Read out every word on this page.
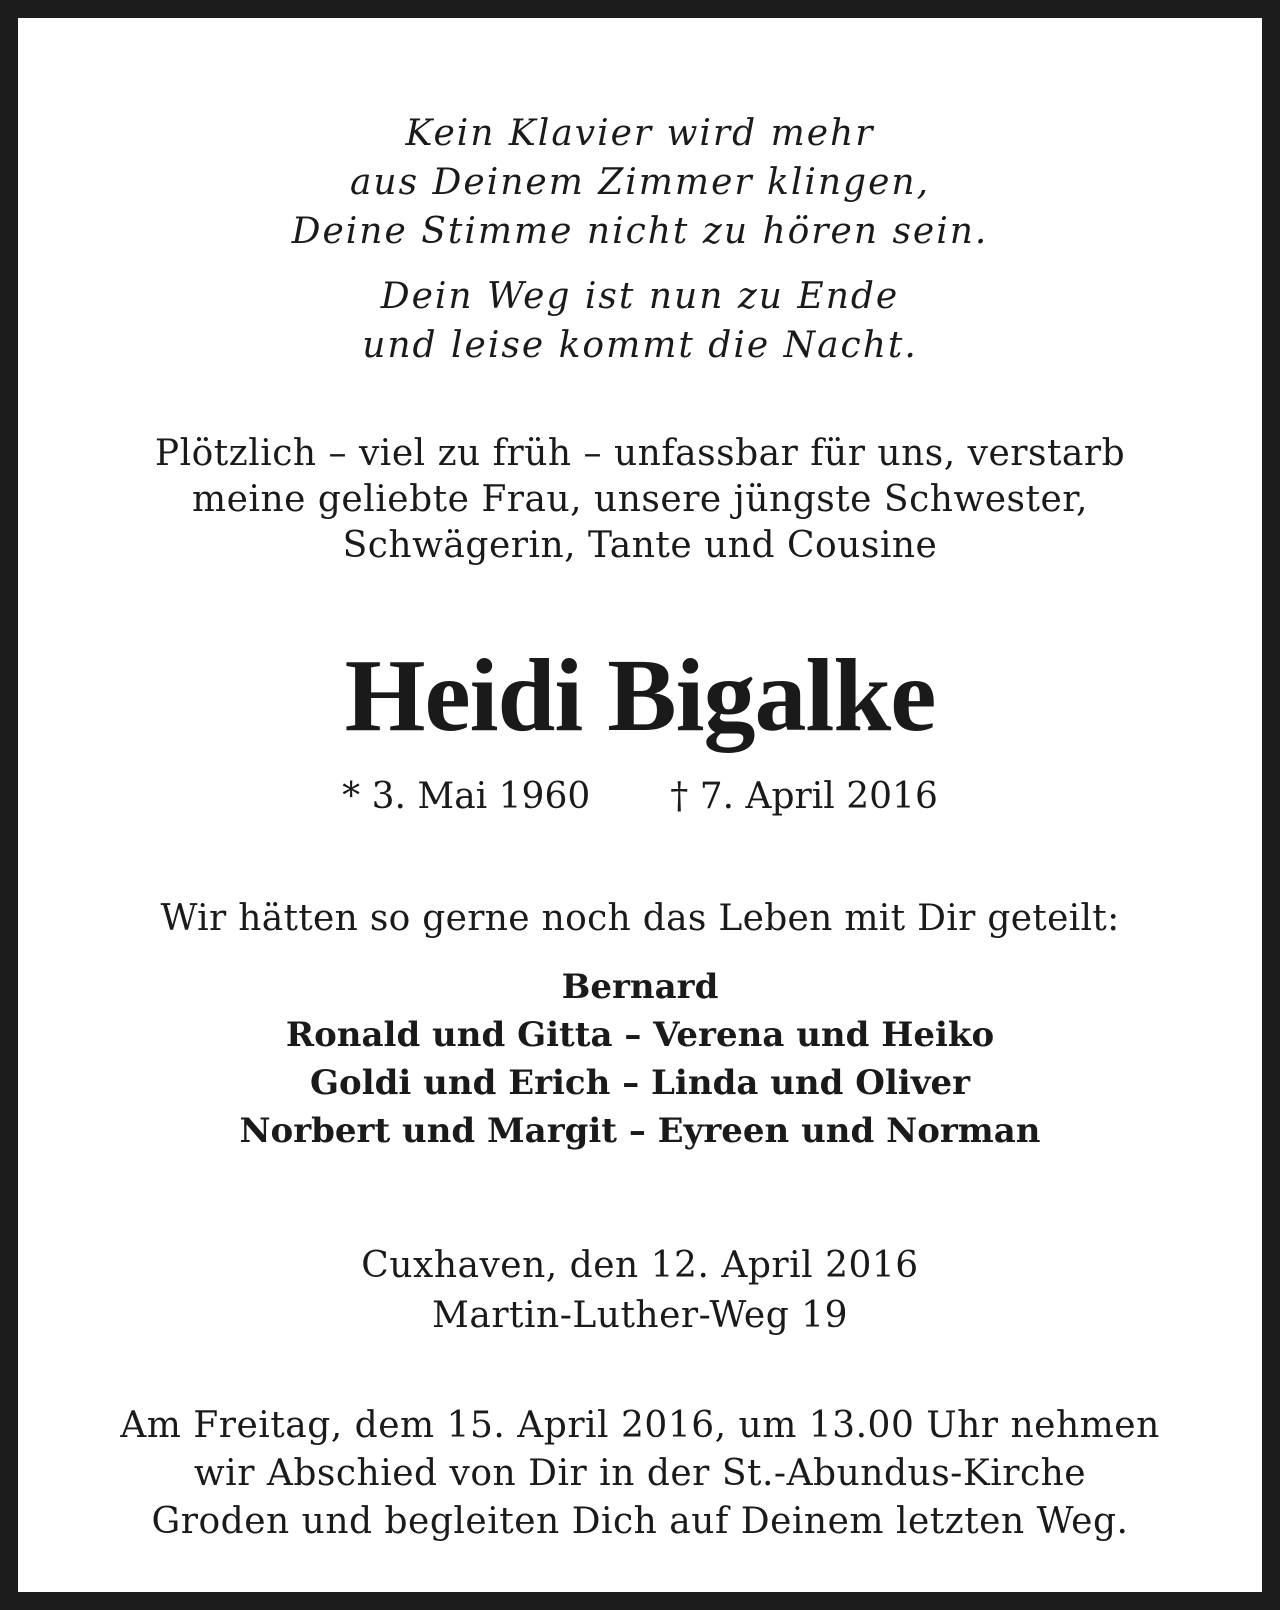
Kein Klavier wird mehr
aus Deinem Zimmer klingen,
Deine Stimme nicht zu hören sein.
Dein Weg ist nun zu Ende
und leise kommt die Nacht.
Plötzlich – viel zu früh – unfassbar für uns, verstarb
meine geliebte Frau, unsere jüngste Schwester,
Schwägerin, Tante und Cousine
Heidi Bigalke
* 3. Mai 1960 † 7. April 2016
Wir hätten so gerne noch das Leben mit Dir geteilt:
Bernard
Ronald und Gitta – Verena und Heiko
Goldi und Erich – Linda und Oliver
Norbert und Margit – Eyreen und Norman
Cuxhaven, den 12. April 2016
Martin-Luther-Weg 19
Am Freitag, dem 15. April 2016, um 13.00 Uhr nehmen
wir Abschied von Dir in der St.-Abundus-Kirche
Groden und begleiten Dich auf Deinem letzten Weg.
